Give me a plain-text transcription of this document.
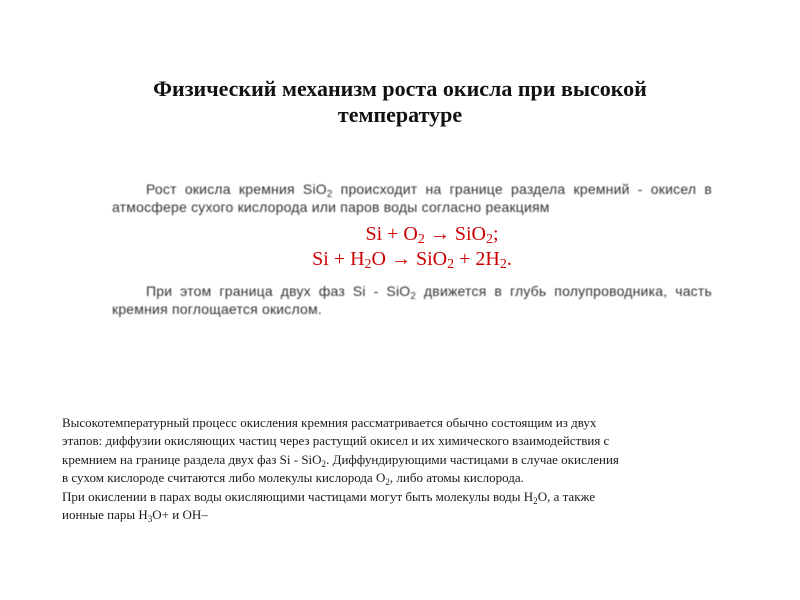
Физический механизм роста окисла при высокой
температуре
Рост окисла кремния SiO$_2$ происходит на границе раздела кремний - окисел в атмосфере сухого кислорода или паров воды согласно реакциям
$Si + O_2 \to SiO_2$;
$Si + H_2O \to SiO_2 + 2H_2$.
При этом граница двух фаз Si - SiO$_2$ движется в глубь полупроводника, часть кремния поглощается окислом.
Высокотемпературный процесс окисления кремния рассматривается обычно состоящим из двух
этапов: диффузии окисляющих частиц через растущий окисел и их химического взаимодействия с
кремнием на границе раздела двух фаз Si - SiO$_2$. Диффундирующими частицами в случае окисления
в сухом кислороде считаются либо молекулы кислорода $O_2$, либо атомы кислорода.
При окислении в парах воды окисляющими частицами могут быть молекулы воды $H_2O$, а также
ионные пары $H_3O+ и$ OH–
